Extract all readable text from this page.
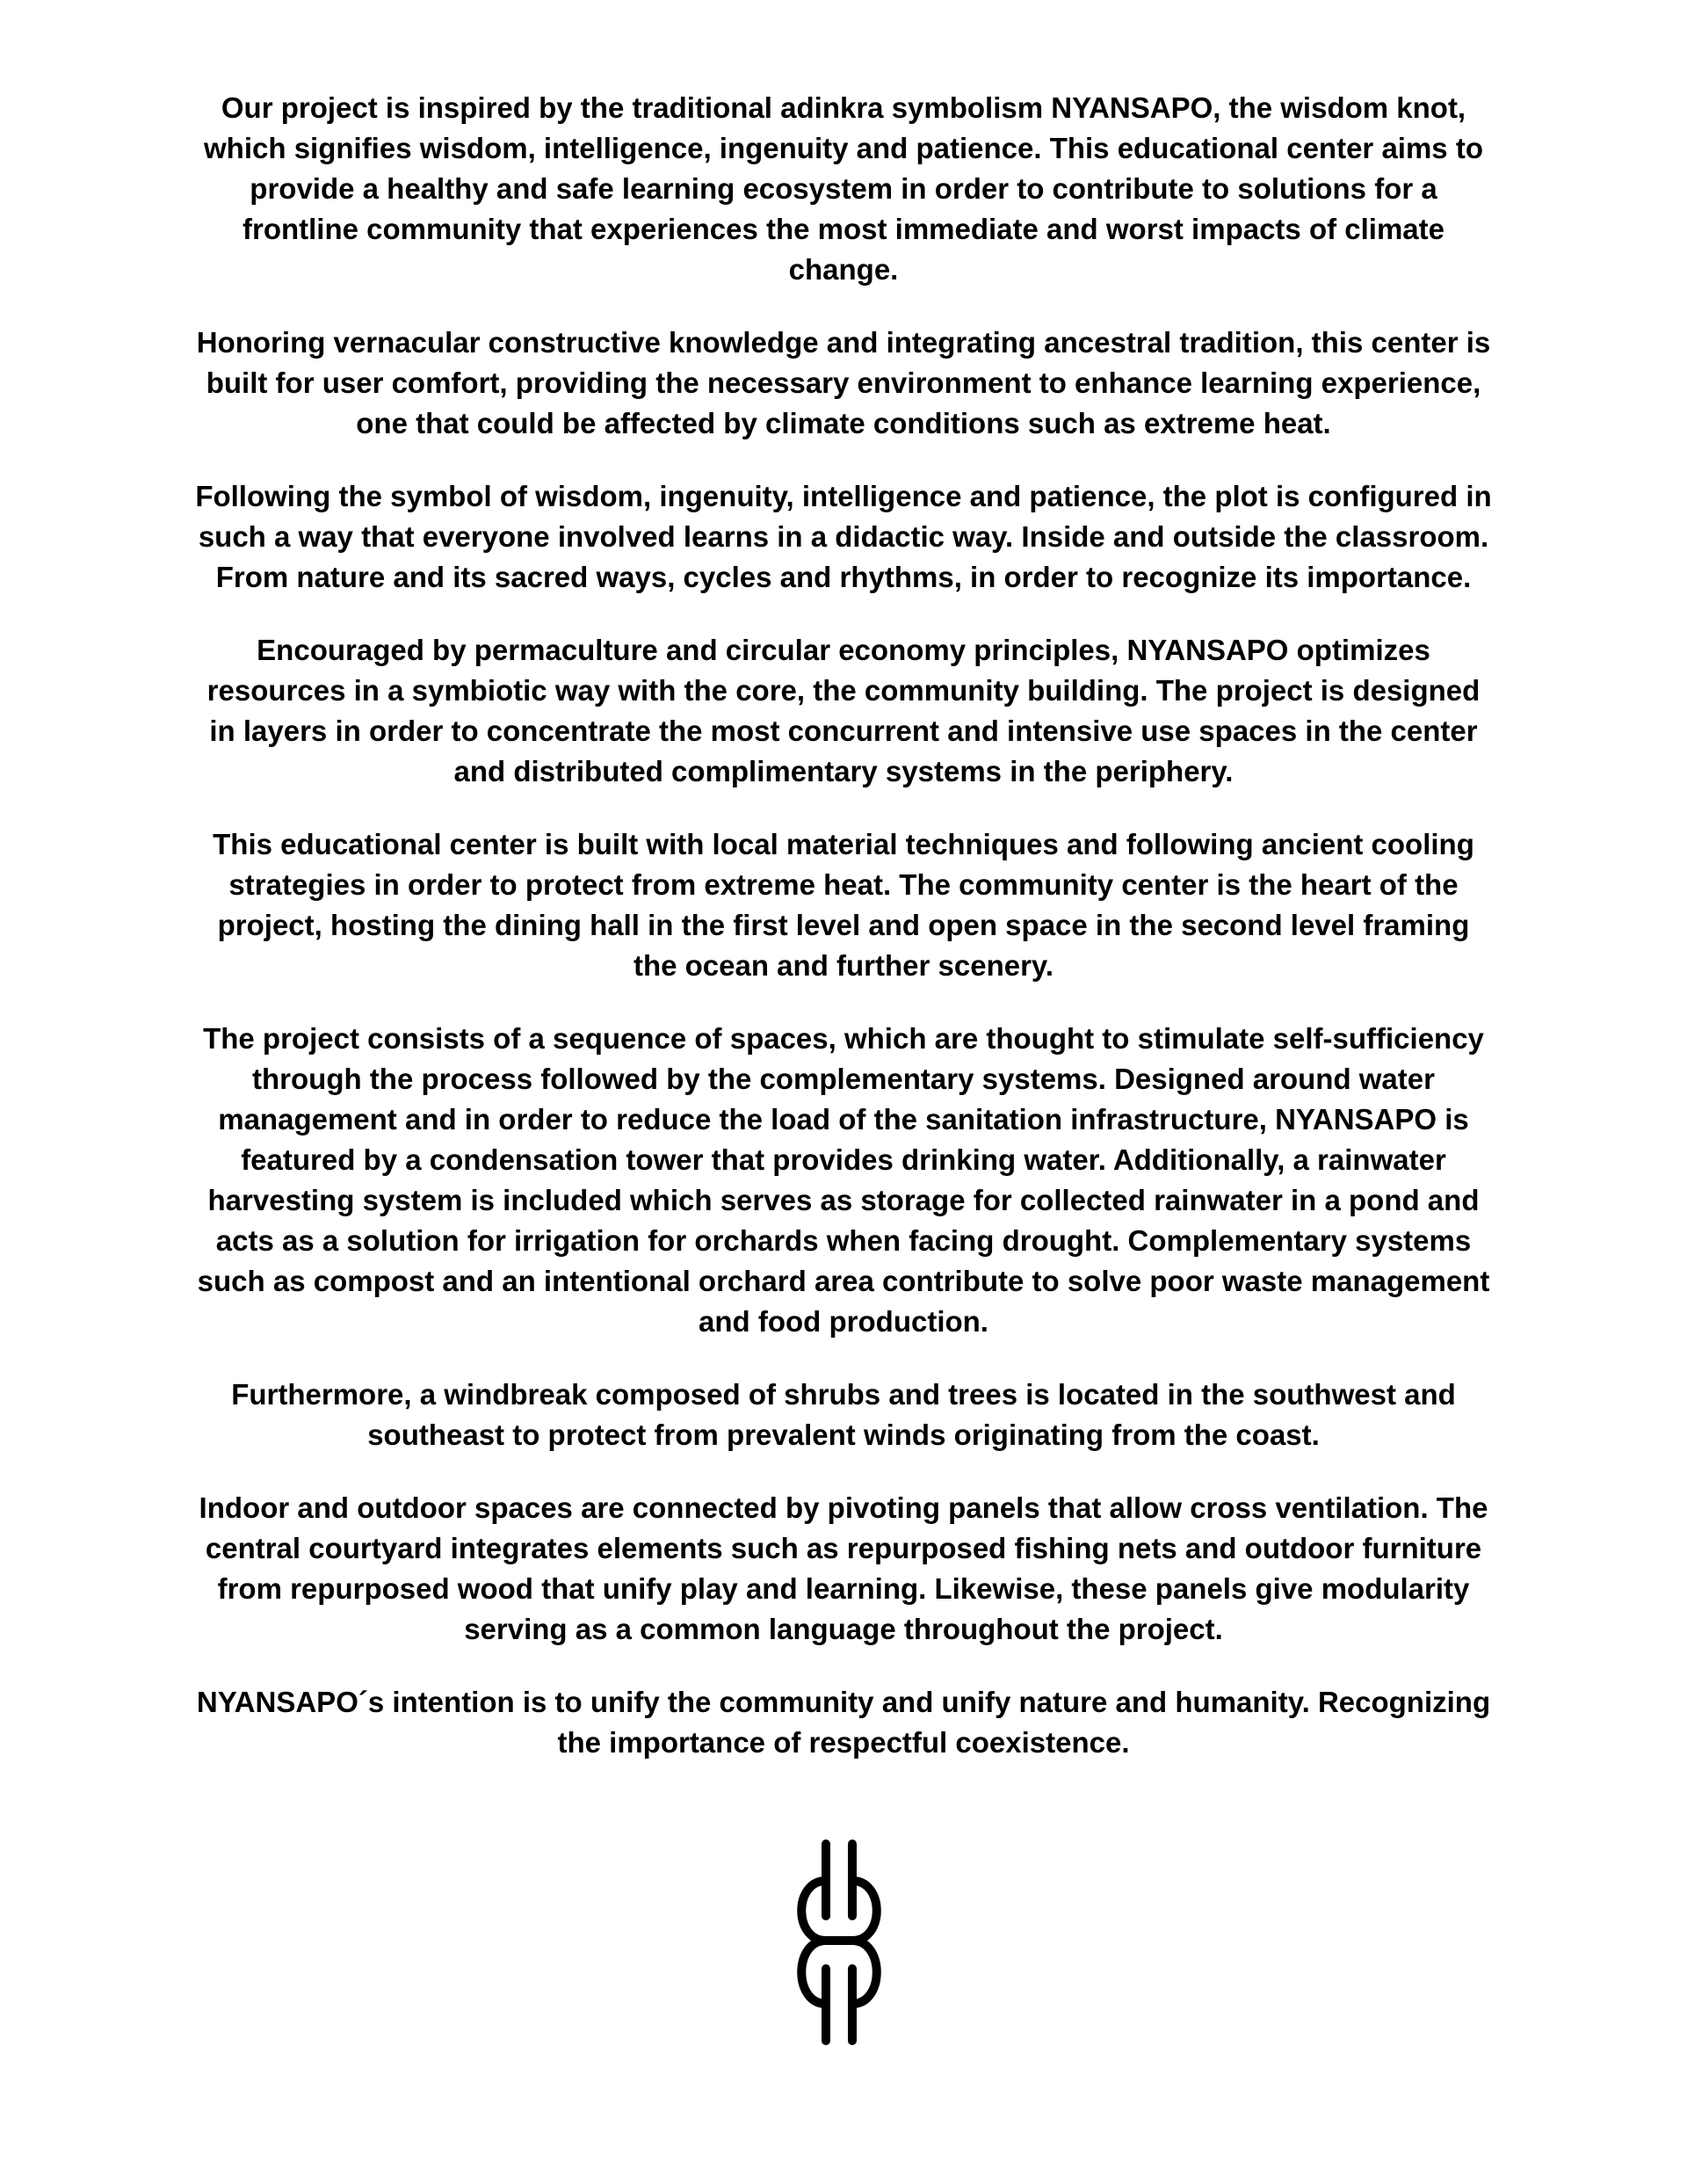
Our project is inspired by the traditional adinkra symbolism NYANSAPO, the wisdom knot, which signifies wisdom, intelligence, ingenuity and patience. This educational center aims to provide a healthy and safe learning ecosystem in order to contribute to solutions for a frontline community that experiences the most immediate and worst impacts of climate change.

Honoring vernacular constructive knowledge and integrating ancestral tradition, this center is built for user comfort, providing the necessary environment to enhance learning experience, one that could be affected by climate conditions such as extreme heat.

Following the symbol of wisdom, ingenuity, intelligence and patience, the plot is configured in such a way that everyone involved learns in a didactic way. Inside and outside the classroom. From nature and its sacred ways, cycles and rhythms, in order to recognize its importance.

Encouraged by permaculture and circular economy principles, NYANSAPO optimizes resources in a symbiotic way with the core, the community building. The project is designed in layers in order to concentrate the most concurrent and intensive use spaces in the center and distributed complimentary systems in the periphery.

This educational center is built with local material techniques and following ancient cooling strategies in order to protect from extreme heat. The community center is the heart of the project, hosting the dining hall in the first level and open space in the second level framing the ocean and further scenery.

The project consists of a sequence of spaces, which are thought to stimulate self-sufficiency through the process followed by the complementary systems. Designed around water management and in order to reduce the load of the sanitation infrastructure, NYANSAPO is featured by a condensation tower that provides drinking water. Additionally, a rainwater harvesting system is included which serves as storage for collected rainwater in a pond and acts as a solution for irrigation for orchards when facing drought. Complementary systems such as compost and an intentional orchard area contribute to solve poor waste management and food production.

Furthermore, a windbreak composed of shrubs and trees is located in the southwest and southeast to protect from prevalent winds originating from the coast.

Indoor and outdoor spaces are connected by pivoting panels that allow cross ventilation. The central courtyard integrates elements such as repurposed fishing nets and outdoor furniture from repurposed wood that unify play and learning. Likewise, these panels give modularity serving as a common language throughout the project.

NYANSAPO´s intention is to unify the community and unify nature and humanity. Recognizing the importance of respectful coexistence.
